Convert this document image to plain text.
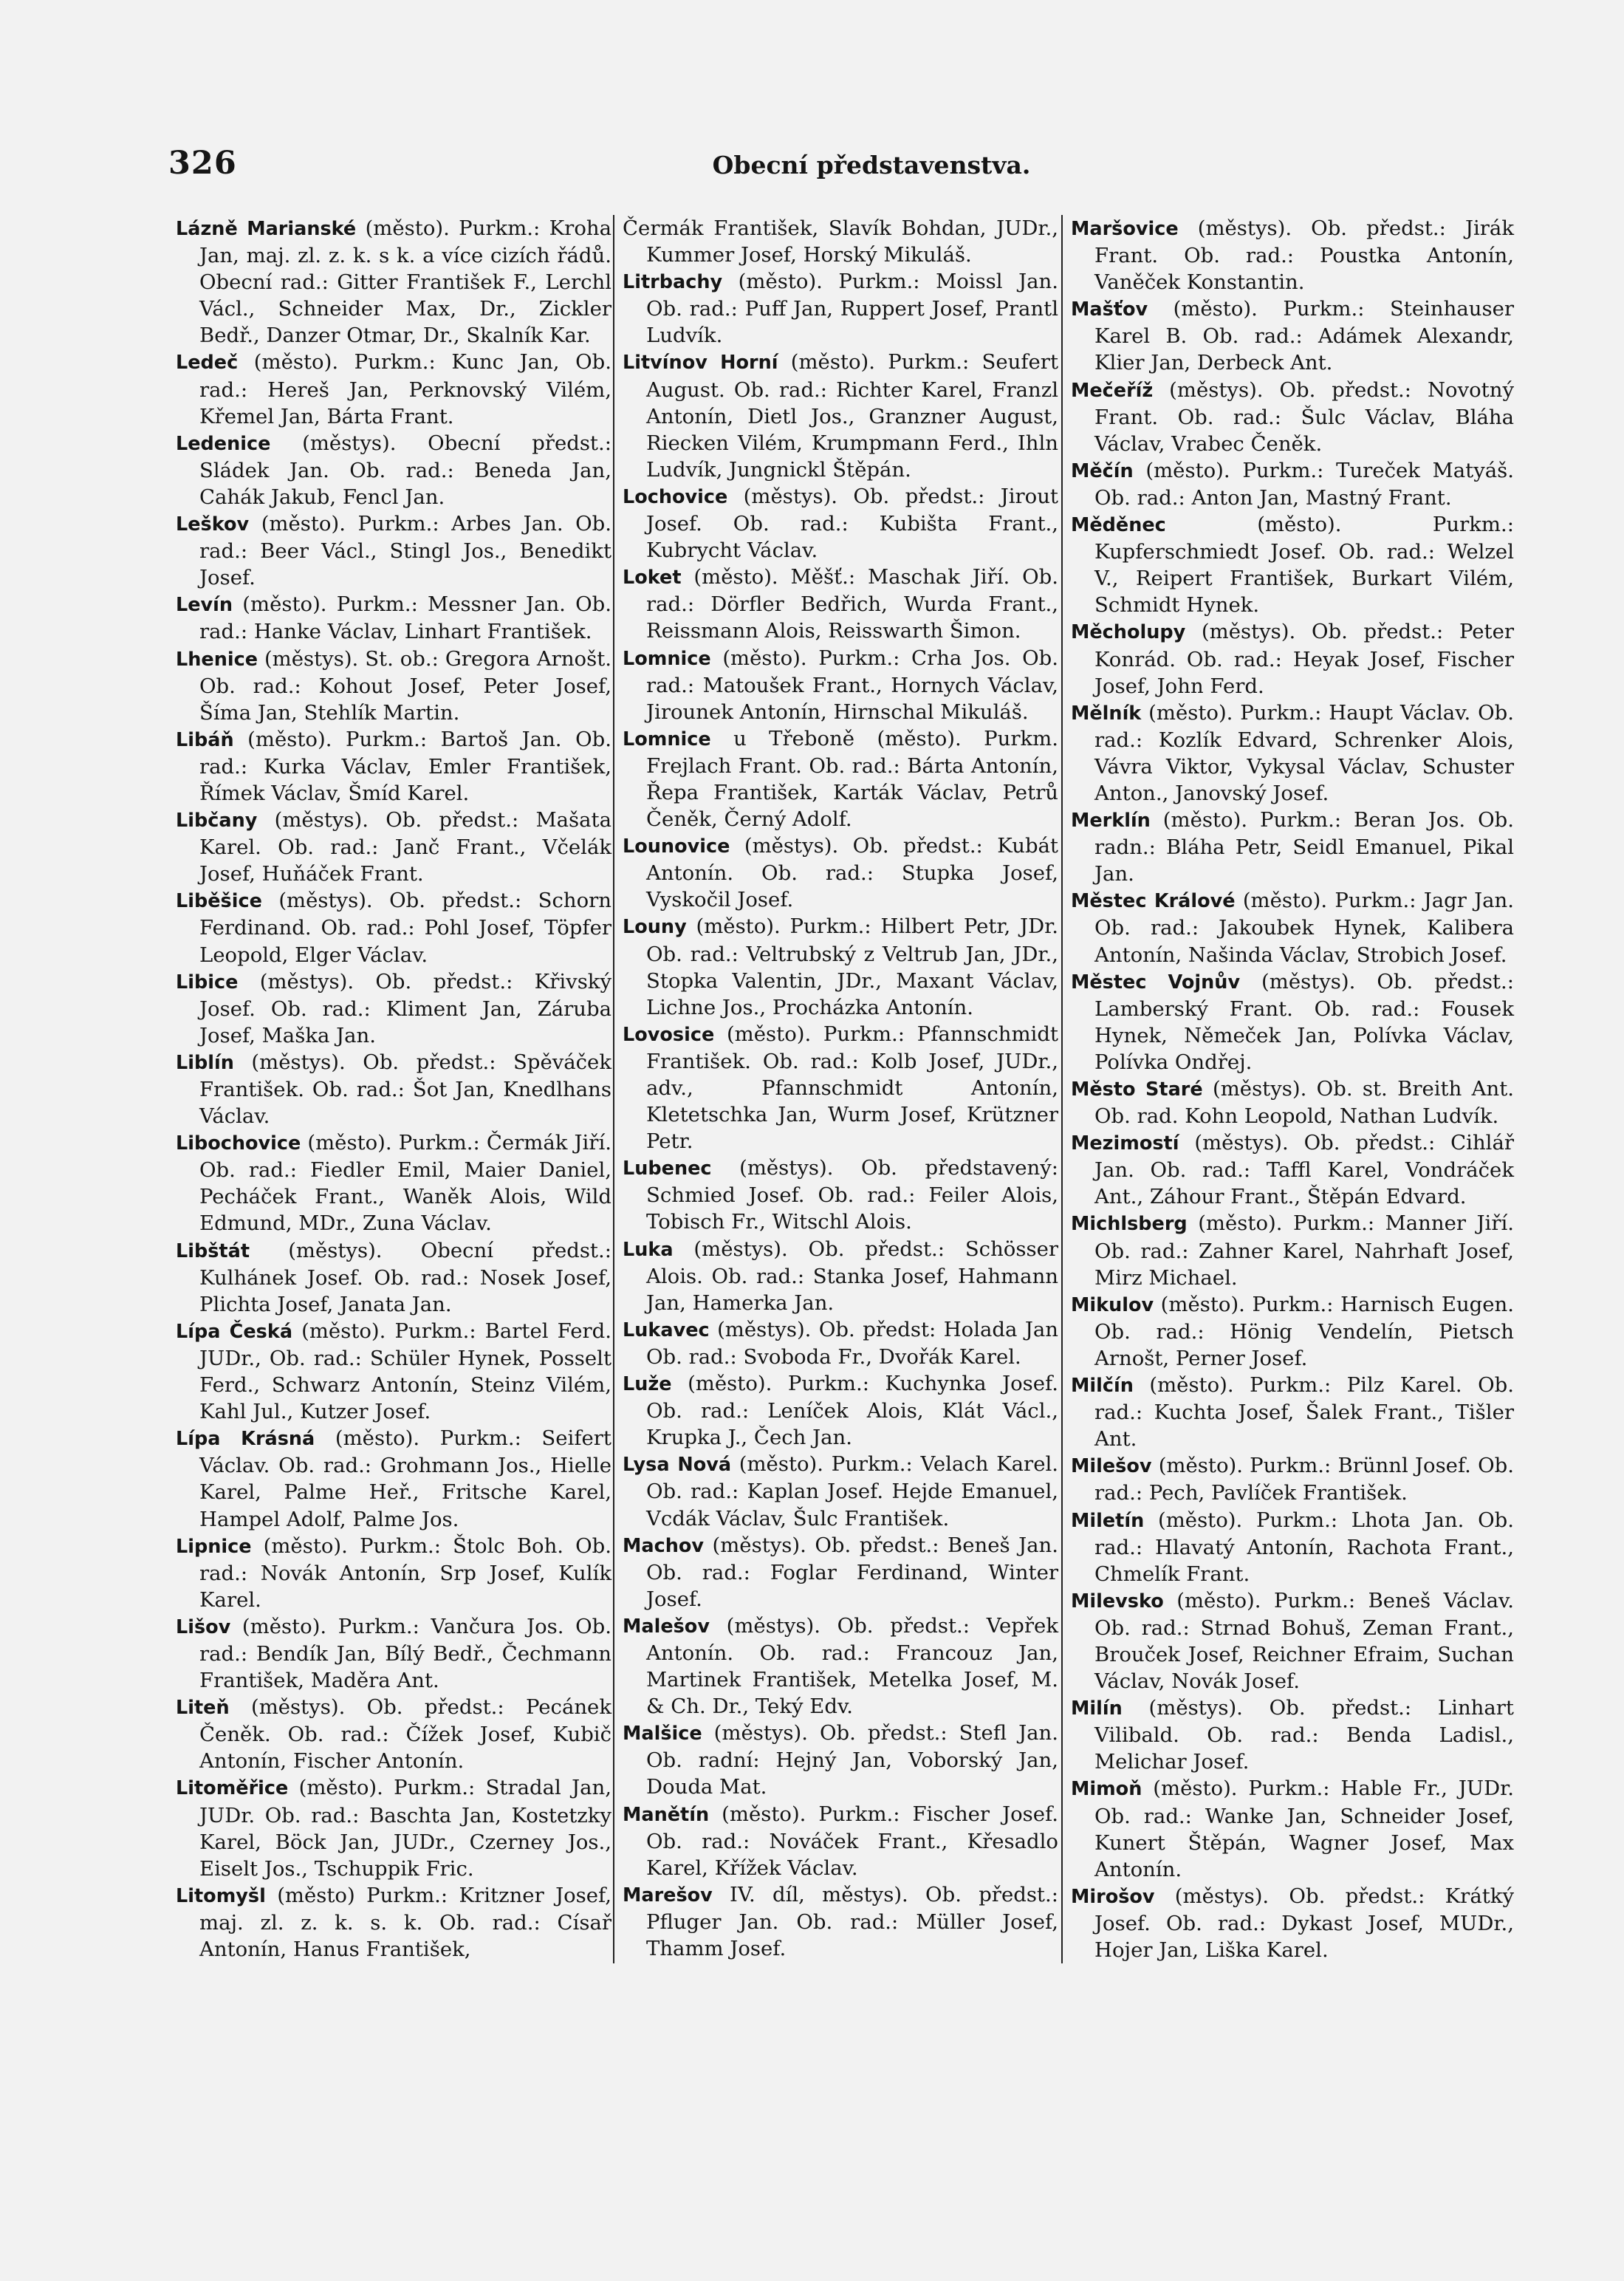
326	Obecní představenstva.

Lázně Marianské (město). Purkm.: Kroha Jan, maj. zl. z. k. s k. a více cizích řádů. Obecní rad.: Gitter František F., Lerchl Václ., Schneider Max, Dr., Zickler Bedř., Danzer Otmar, Dr., Skalník Kar.

Ledeč (město). Purkm.: Kunc Jan, Ob. rad.: Hereš Jan, Perknovský Vilém, Křemel Jan, Bárta Frant.

Ledenice (městys). Obecní předst.: Sládek Jan. Ob. rad.: Beneda Jan, Cahák Jakub, Fencl Jan.

Leškov (město). Purkm.: Arbes Jan. Ob. rad.: Beer Václ., Stingl Jos., Benedikt Josef.

Levín (město). Purkm.: Messner Jan. Ob. rad.: Hanke Václav, Linhart František.

Lhenice (městys). St. ob.: Gregora Arnošt. Ob. rad.: Kohout Josef, Peter Josef, Šíma Jan, Stehlík Martin.

Libáň (město). Purkm.: Bartoš Jan. Ob. rad.: Kurka Václav, Emler František, Římek Václav, Šmíd Karel.

Libčany (městys). Ob. předst.: Mašata Karel. Ob. rad.: Janč Frant., Včelák Josef, Huňáček Frant.

Liběšice (městys). Ob. předst.: Schorn Ferdinand. Ob. rad.: Pohl Josef, Töpfer Leopold, Elger Václav.

Libice (městys). Ob. předst.: Křivský Josef. Ob. rad.: Kliment Jan, Záruba Josef, Maška Jan.

Liblín (městys). Ob. předst.: Spěváček František. Ob. rad.: Šot Jan, Knedlhans Václav.

Libochovice (město). Purkm.: Čermák Jiří. Ob. rad.: Fiedler Emil, Maier Daniel, Pecháček Frant., Waněk Alois, Wild Edmund, MDr., Zuna Václav.

Libštát (městys). Obecní předst.: Kulhánek Josef. Ob. rad.: Nosek Josef, Plichta Josef, Janata Jan.

Lípa Česká (město). Purkm.: Bartel Ferd. JUDr., Ob. rad.: Schüler Hynek, Posselt Ferd., Schwarz Antonín, Steinz Vilém, Kahl Jul., Kutzer Josef.

Lípa Krásná (město). Purkm.: Seifert Václav. Ob. rad.: Grohmann Jos., Hielle Karel, Palme Heř., Fritsche Karel, Hampel Adolf, Palme Jos.

Lipnice (město). Purkm.: Štolc Boh. Ob. rad.: Novák Antonín, Srp Josef, Kulík Karel.

Lišov (město). Purkm.: Vančura Jos. Ob. rad.: Bendík Jan, Bílý Bedř., Čechmann František, Maděra Ant.

Liteň (městys). Ob. předst.: Pecánek Čeněk. Ob. rad.: Čížek Josef, Kubič Antonín, Fischer Antonín.

Litoměřice (město). Purkm.: Stradal Jan, JUDr. Ob. rad.: Baschta Jan, Kostetzky Karel, Böck Jan, JUDr., Czerney Jos., Eiselt Jos., Tschuppik Fric.

Litomyšl (město) Purkm.: Kritzner Josef, maj. zl. z. k. s. k. Ob. rad.: Císař Antonín, Hanus František,

Čermák František, Slavík Bohdan, JUDr., Kummer Josef, Horský Mikuláš.

Litrbachy (město). Purkm.: Moissl Jan. Ob. rad.: Puff Jan, Ruppert Josef, Prantl Ludvík.

Litvínov Horní (město). Purkm.: Seufert August. Ob. rad.: Richter Karel, Franzl Antonín, Dietl Jos., Granzner August, Riecken Vilém, Krumpmann Ferd., Ihln Ludvík, Jungnickl Štěpán.

Lochovice (městys). Ob. předst.: Jirout Josef. Ob. rad.: Kubišta Frant., Kubrycht Václav.

Loket (město). Měšť.: Maschak Jiří. Ob. rad.: Dörfler Bedřich, Wurda Frant., Reissmann Alois, Reisswarth Šimon.

Lomnice (město). Purkm.: Crha Jos. Ob. rad.: Matoušek Frant., Hornych Václav, Jirounek Antonín, Hirnschal Mikuláš.

Lomnice u Třeboně (město). Purkm. Frejlach Frant. Ob. rad.: Bárta Antonín, Řepa František, Karták Václav, Petrů Čeněk, Černý Adolf.

Lounovice (městys). Ob. předst.: Kubát Antonín. Ob. rad.: Stupka Josef, Vyskočil Josef.

Louny (město). Purkm.: Hilbert Petr, JDr. Ob. rad.: Veltrubský z Veltrub Jan, JDr., Stopka Valentin, JDr., Maxant Václav, Lichne Jos., Procházka Antonín.

Lovosice (město). Purkm.: Pfannschmidt František. Ob. rad.: Kolb Josef, JUDr., adv., Pfannschmidt Antonín, Kletetschka Jan, Wurm Josef, Krützner Petr.

Lubenec (městys). Ob. představený: Schmied Josef. Ob. rad.: Feiler Alois, Tobisch Fr., Witschl Alois.

Luka (městys). Ob. předst.: Schösser Alois. Ob. rad.: Stanka Josef, Hahmann Jan, Hamerka Jan.

Lukavec (městys). Ob. předst: Holada Jan Ob. rad.: Svoboda Fr., Dvořák Karel.

Luže (město). Purkm.: Kuchynka Josef. Ob. rad.: Leníček Alois, Klát Václ., Krupka J., Čech Jan.

Lysa Nová (město). Purkm.: Velach Karel. Ob. rad.: Kaplan Josef. Hejde Emanuel, Vcdák Václav, Šulc František.

Machov (městys). Ob. předst.: Beneš Jan. Ob. rad.: Foglar Ferdinand, Winter Josef.

Malešov (městys). Ob. předst.: Vepřek Antonín. Ob. rad.: Francouz Jan, Martinek František, Metelka Josef, M. & Ch. Dr., Teký Edv.

Malšice (městys). Ob. předst.: Stefl Jan. Ob. radní: Hejný Jan, Voborský Jan, Douda Mat.

Manětín (město). Purkm.: Fischer Josef. Ob. rad.: Nováček Frant., Křesadlo Karel, Křížek Václav.

Marešov IV. díl, městys). Ob. předst.: Pfluger Jan. Ob. rad.: Müller Josef, Thamm Josef.

Maršovice (městys). Ob. předst.: Jirák Frant. Ob. rad.: Poustka Antonín, Vaněček Konstantin.

Mašťov (město). Purkm.: Steinhauser Karel B. Ob. rad.: Adámek Alexandr, Klier Jan, Derbeck Ant.

Mečeříž (městys). Ob. předst.: Novotný Frant. Ob. rad.: Šulc Václav, Bláha Václav, Vrabec Čeněk.

Měčín (město). Purkm.: Tureček Matyáš. Ob. rad.: Anton Jan, Mastný Frant.

Měděnec	(město). Purkm.: Kupferschmiedt Josef. Ob. rad.: Welzel V., Reipert František, Burkart Vilém, Schmidt Hynek.

Měcholupy (městys). Ob. předst.: Peter Konrád. Ob. rad.: Heyak Josef, Fischer Josef, John Ferd.

Mělník (město). Purkm.: Haupt Václav. Ob. rad.: Kozlík Edvard, Schrenker Alois, Vávra Viktor, Vykysal Václav, Schuster Anton., Janovský Josef.

Merklín (město). Purkm.: Beran Jos. Ob. radn.: Bláha Petr, Seidl Emanuel, Pikal Jan.

Městec Králové (město). Purkm.: Jagr Jan. Ob. rad.: Jakoubek Hynek, Kalibera Antonín, Našinda Václav, Strobich Josef.

Městec Vojnův (městys). Ob. předst.: Lamberský Frant. Ob. rad.: Fousek Hynek, Němeček Jan, Polívka Václav, Polívka Ondřej.

Město Staré (městys). Ob. st. Breith Ant. Ob. rad. Kohn Leopold, Nathan Ludvík.

Mezimostí (městys). Ob. předst.: Cihlář Jan. Ob. rad.: Taffl Karel, Vondráček Ant., Záhour Frant., Štěpán Edvard.

Michlsberg (město). Purkm.: Manner Jiří. Ob. rad.: Zahner Karel, Nahrhaft Josef, Mirz Michael.

Mikulov (město). Purkm.: Harnisch Eugen. Ob. rad.: Hönig Vendelín, Pietsch Arnošt, Perner Josef.

Milčín (město). Purkm.: Pilz Karel. Ob. rad.: Kuchta Josef, Šalek Frant., Tišler Ant.

Milešov (město). Purkm.: Brünnl Josef. Ob. rad.: Pech, Pavlíček František.

Miletín (město). Purkm.: Lhota Jan. Ob. rad.: Hlavatý Antonín, Rachota Frant., Chmelík Frant.

Milevsko (město). Purkm.: Beneš Václav. Ob. rad.: Strnad Bohuš, Zeman Frant., Brouček Josef, Reichner Efraim, Suchan Václav, Novák Josef.

Milín (městys). Ob. předst.: Linhart Vilibald. Ob. rad.: Benda Ladisl., Melichar Josef.

Mimoň (město). Purkm.: Hable Fr., JUDr. Ob. rad.: Wanke Jan, Schneider Josef, Kunert Štěpán, Wagner Josef, Max Antonín.

Mirošov (městys). Ob. předst.: Krátký Josef. Ob. rad.: Dykast Josef, MUDr., Hojer Jan, Liška Karel.
